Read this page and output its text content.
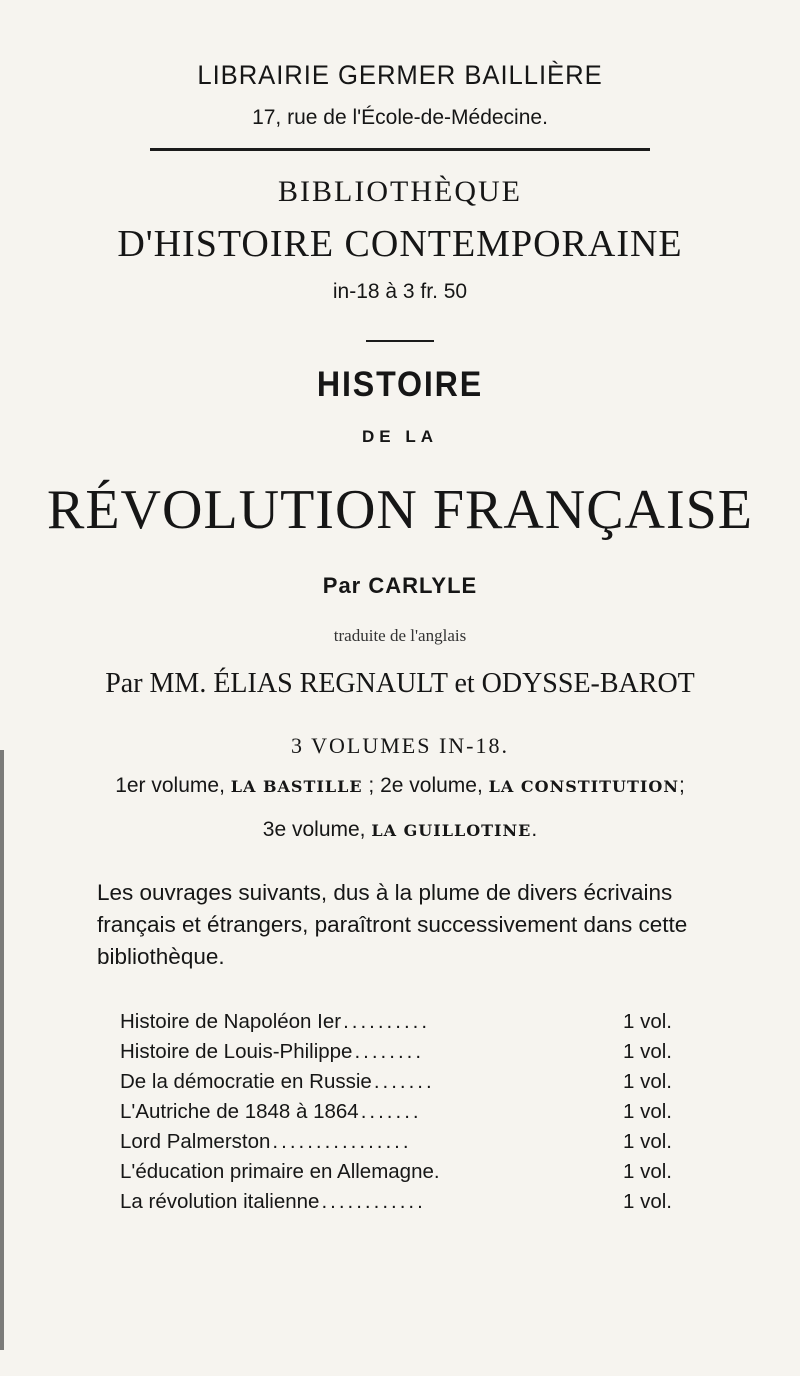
LIBRAIRIE GERMER BAILLIÈRE
17, rue de l'École-de-Médecine.
BIBLIOTHÈQUE
D'HISTOIRE CONTEMPORAINE
in-18 à 3 fr. 50
HISTOIRE
DE LA
RÉVOLUTION FRANÇAISE
Par CARLYLE
traduite de l'anglais
Par MM. ÉLIAS REGNAULT et ODYSSE-BAROT
3 VOLUMES IN-18.
1er volume, LA BASTILLE ; 2e volume, LA CONSTITUTION;
3e volume, LA GUILLOTINE.
Les ouvrages suivants, dus à la plume de divers écrivains
français et étrangers, paraîtront successivement dans cette
bibliothèque.
Histoire de Napoléon Ier ..........	1 vol.
Histoire de Louis-Philippe ........	1 vol.
De la démocratie en Russie .......	1 vol.
L'Autriche de 1848 à 1864 .......	1 vol.
Lord Palmerston ................	1 vol.
L'éducation primaire en Allemagne.	1 vol.
La révolution italienne ............	1 vol.
